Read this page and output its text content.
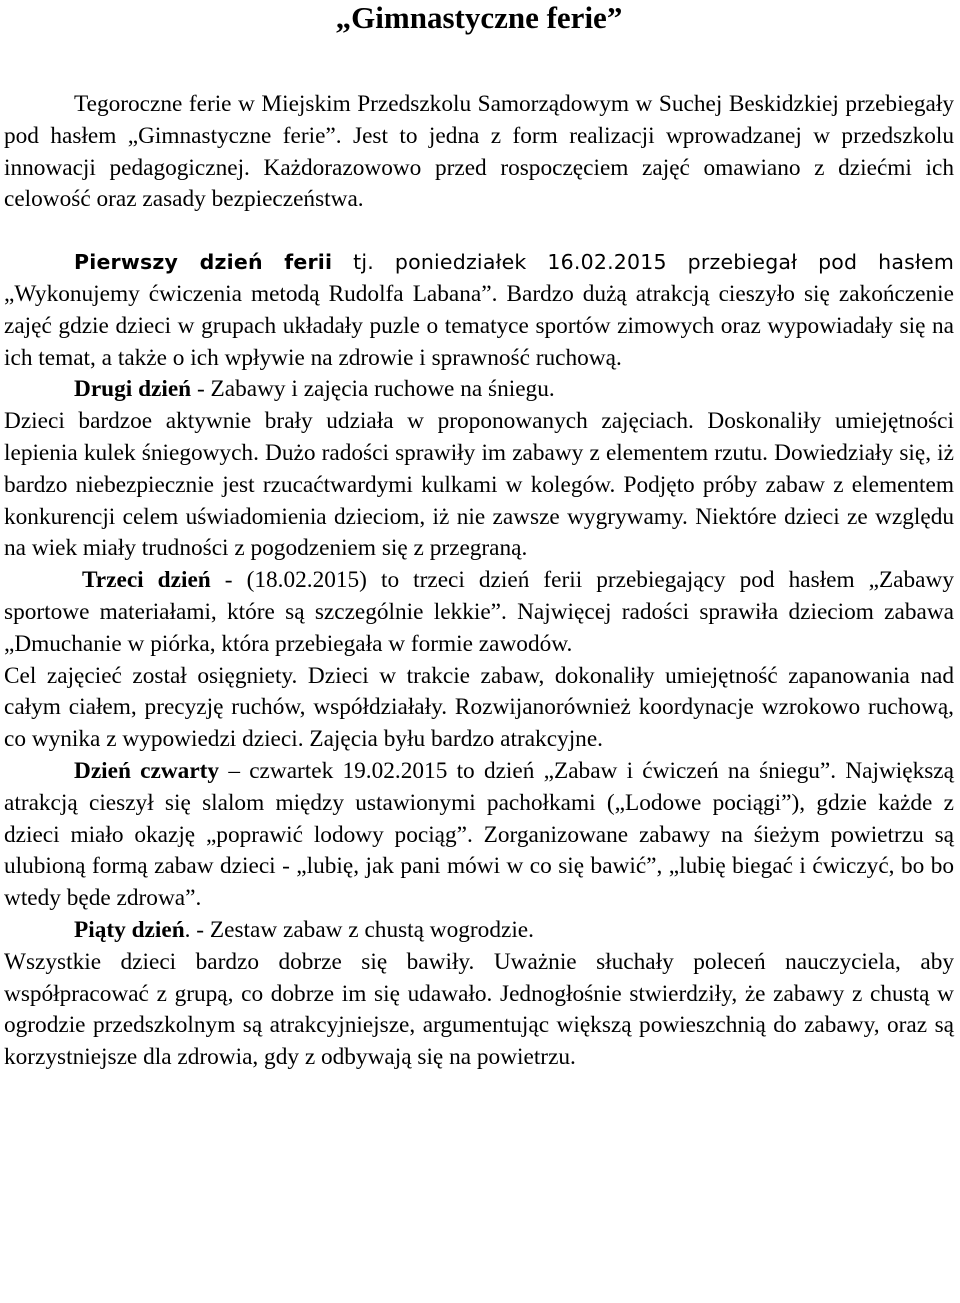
„Gimnastyczne ferie”

Tegoroczne ferie w Miejskim Przedszkolu Samorządowym w Suchej Beskidzkiej przebiegały pod hasłem „Gimnastyczne ferie”. Jest to jedna z form realizacji wprowadzanej w przedszkolu innowacji pedagogicznej. Każdorazowowo przed rospoczęciem zajęć omawiano z dziećmi ich celowość oraz zasady bezpieczeństwa.

Pierwszy dzień ferii tj. poniedziałek 16.02.2015 przebiegał pod hasłem „Wykonujemy ćwiczenia metodą Rudolfa Labana”. Bardzo dużą atrakcją cieszyło się zakończenie zajęć gdzie dzieci w grupach układały puzle o tematyce sportów zimowych oraz wypowiadały się na ich temat, a także o ich wpływie na zdrowie i sprawność ruchową.

Drugi dzień - Zabawy i zajęcia ruchowe na śniegu.

Dzieci bardzoe aktywnie brały udziała w proponowanych zajęciach. Doskonaliły umiejętności lepienia kulek śniegowych. Dużo radości sprawiły im zabawy z elementem rzutu. Dowiedziały się, iż bardzo niebezpiecznie jest rzucaćtwardymi kulkami w kolegów. Podjęto próby zabaw z elementem konkurencji celem uświadomienia dzieciom, iż nie zawsze wygrywamy. Niektóre dzieci ze względu na wiek miały trudności z pogodzeniem się z przegraną.

Trzeci dzień - (18.02.2015) to trzeci dzień ferii przebiegający pod hasłem „Zabawy sportowe materiałami, które są szczególnie lekkie”. Najwięcej radości sprawiła dzieciom zabawa „Dmuchanie w piórka, która przebiegała w formie zawodów.

Cel zajęcieć został osięgniety. Dzieci w trakcie zabaw, dokonaliły umiejętność zapanowania nad całym ciałem, precyzję ruchów, współdziałały. Rozwijanorównież koordynacje wzrokowo ruchową, co wynika z wypowiedzi dzieci. Zajęcia byłu bardzo atrakcyjne.

Dzień czwarty – czwartek 19.02.2015 to dzień „Zabaw i ćwiczeń na śniegu”. Największą atrakcją cieszył się slalom między ustawionymi pachołkami („Lodowe pociągi”), gdzie każde z dzieci miało okazję „poprawić lodowy pociąg”. Zorganizowane zabawy na śieżym powietrzu są ulubioną formą zabaw dzieci - „lubię, jak pani mówi w co się bawić”, „lubię biegać i ćwiczyć, bo bo wtedy będe zdrowa”.

Piąty dzień. - Zestaw zabaw z chustą wogrodzie.

Wszystkie dzieci bardzo dobrze się bawiły. Uważnie słuchały poleceń nauczyciela, aby współpracować z grupą, co dobrze im się udawało. Jednogłośnie stwierdziły, że zabawy z chustą w ogrodzie przedszkolnym są atrakcyjniejsze, argumentując większą powieszchnią do zabawy, oraz są korzystniejsze dla zdrowia, gdy z odbywają się na powietrzu.
